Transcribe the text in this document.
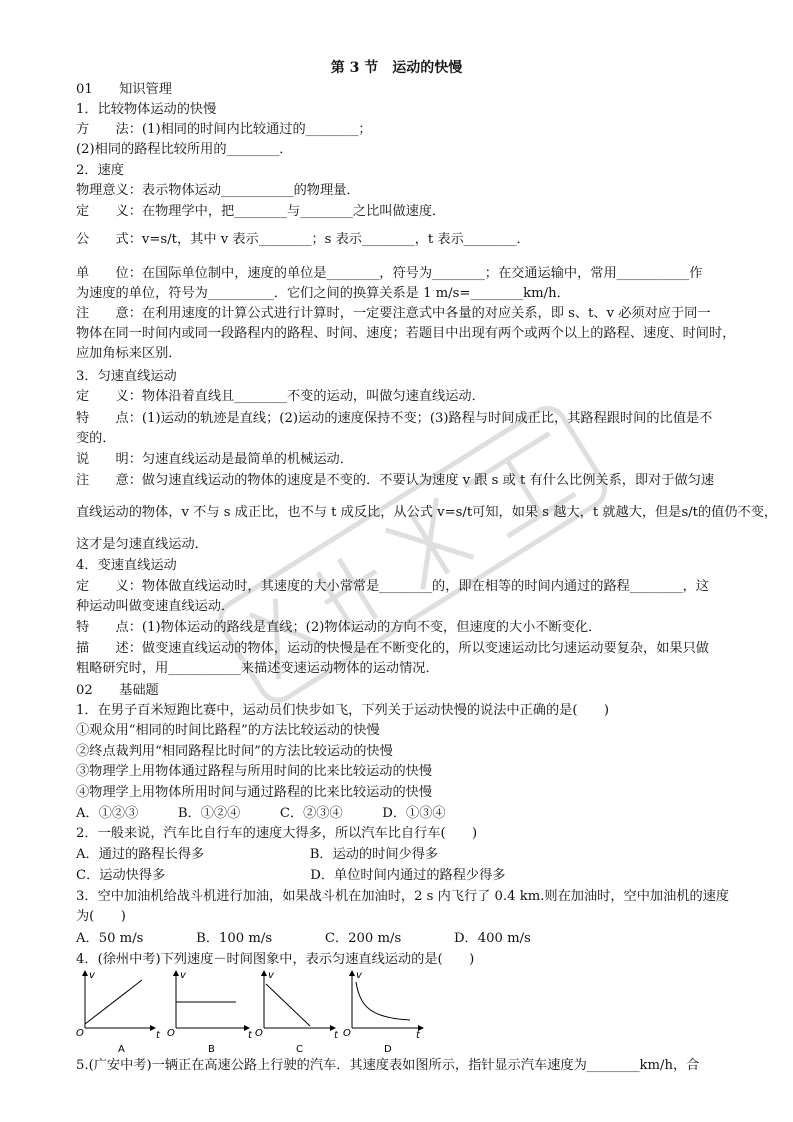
第 3 节　运动的快慢
01　　知识管理
1．比较物体运动的快慢
方　　法：(1)相同的时间内比较通过的________；
(2)相同的路程比较所用的________．
2．速度
物理意义：表示物体运动___________的物理量．
定　　义：在物理学中，把________与________之比叫做速度．
公　　式：v=s/t，其中 v 表示________；s 表示________，t 表示________．
单　　位：在国际单位制中，速度的单位是________，符号为________；在交通运输中，常用___________作
为速度的单位，符号为__________．它们之间的换算关系是 1 m/s=________km/h．
注　　意：在利用速度的计算公式进行计算时，一定要注意式中各量的对应关系，即 s、t、v 必须对应于同一
物体在同一时间内或同一段路程内的路程、时间、速度；若题目中出现有两个或两个以上的路程、速度、时间时，
应加角标来区别．
3．匀速直线运动
定　　义：物体沿着直线且________不变的运动，叫做匀速直线运动．
特　　点：(1)运动的轨迹是直线；(2)运动的速度保持不变；(3)路程与时间成正比，其路程跟时间的比值是不
变的．
说　　明：匀速直线运动是最简单的机械运动．
注　　意：做匀速直线运动的物体的速度是不变的．不要认为速度 v 跟 s 或 t 有什么比例关系，即对于做匀速
直线运动的物体，v 不与 s 成正比，也不与 t 成反比，从公式 v=s/t可知，如果 s 越大，t 就越大，但是s/t的值仍不变，
这才是匀速直线运动．
4．变速直线运动
定　　义：物体做直线运动时，其速度的大小常常是________的，即在相等的时间内通过的路程________，这
种运动叫做变速直线运动．
特　　点：(1)物体运动的路线是直线；(2)物体运动的方向不变，但速度的大小不断变化．
描　　述：做变速直线运动的物体，运动的快慢是在不断变化的，所以变速运动比匀速运动要复杂，如果只做
粗略研究时，用___________来描述变速运动物体的运动情况．
02　　基础题
1．在男子百米短跑比赛中，运动员们快步如飞，下列关于运动快慢的说法中正确的是(　　)
①观众用“相同的时间比路程”的方法比较运动的快慢
②终点裁判用“相同路程比时间”的方法比较运动的快慢
③物理学上用物体通过路程与所用时间的比来比较运动的快慢
④物理学上用物体所用时间与通过路程的比来比较运动的快慢
A．①②③　　　B．①②④　　　C．②③④　　　D．①③④
2．一般来说，汽车比自行车的速度大得多，所以汽车比自行车(　　)
A．通过的路程长得多　　　　　　　　B．运动的时间少得多
C．运动快得多　　　　　　　　　　　D．单位时间内通过的路程少得多
3．空中加油机给战斗机进行加油，如果战斗机在加油时，2 s 内飞行了 0.4 km.则在加油时，空中加油机的速度
为(　　)
A．50 m/s　　　　B．100 m/s　　　　C．200 m/s　　　　D．400 m/s
4．(徐州中考)下列速度－时间图象中，表示匀速直线运动的是(　　)
5.(广安中考)一辆正在高速公路上行驶的汽车．其速度表如图所示，指针显示汽车速度为________km/h，合
v
O	t
A
v
O	t
B
v
O	t
C
v
O	t
D
